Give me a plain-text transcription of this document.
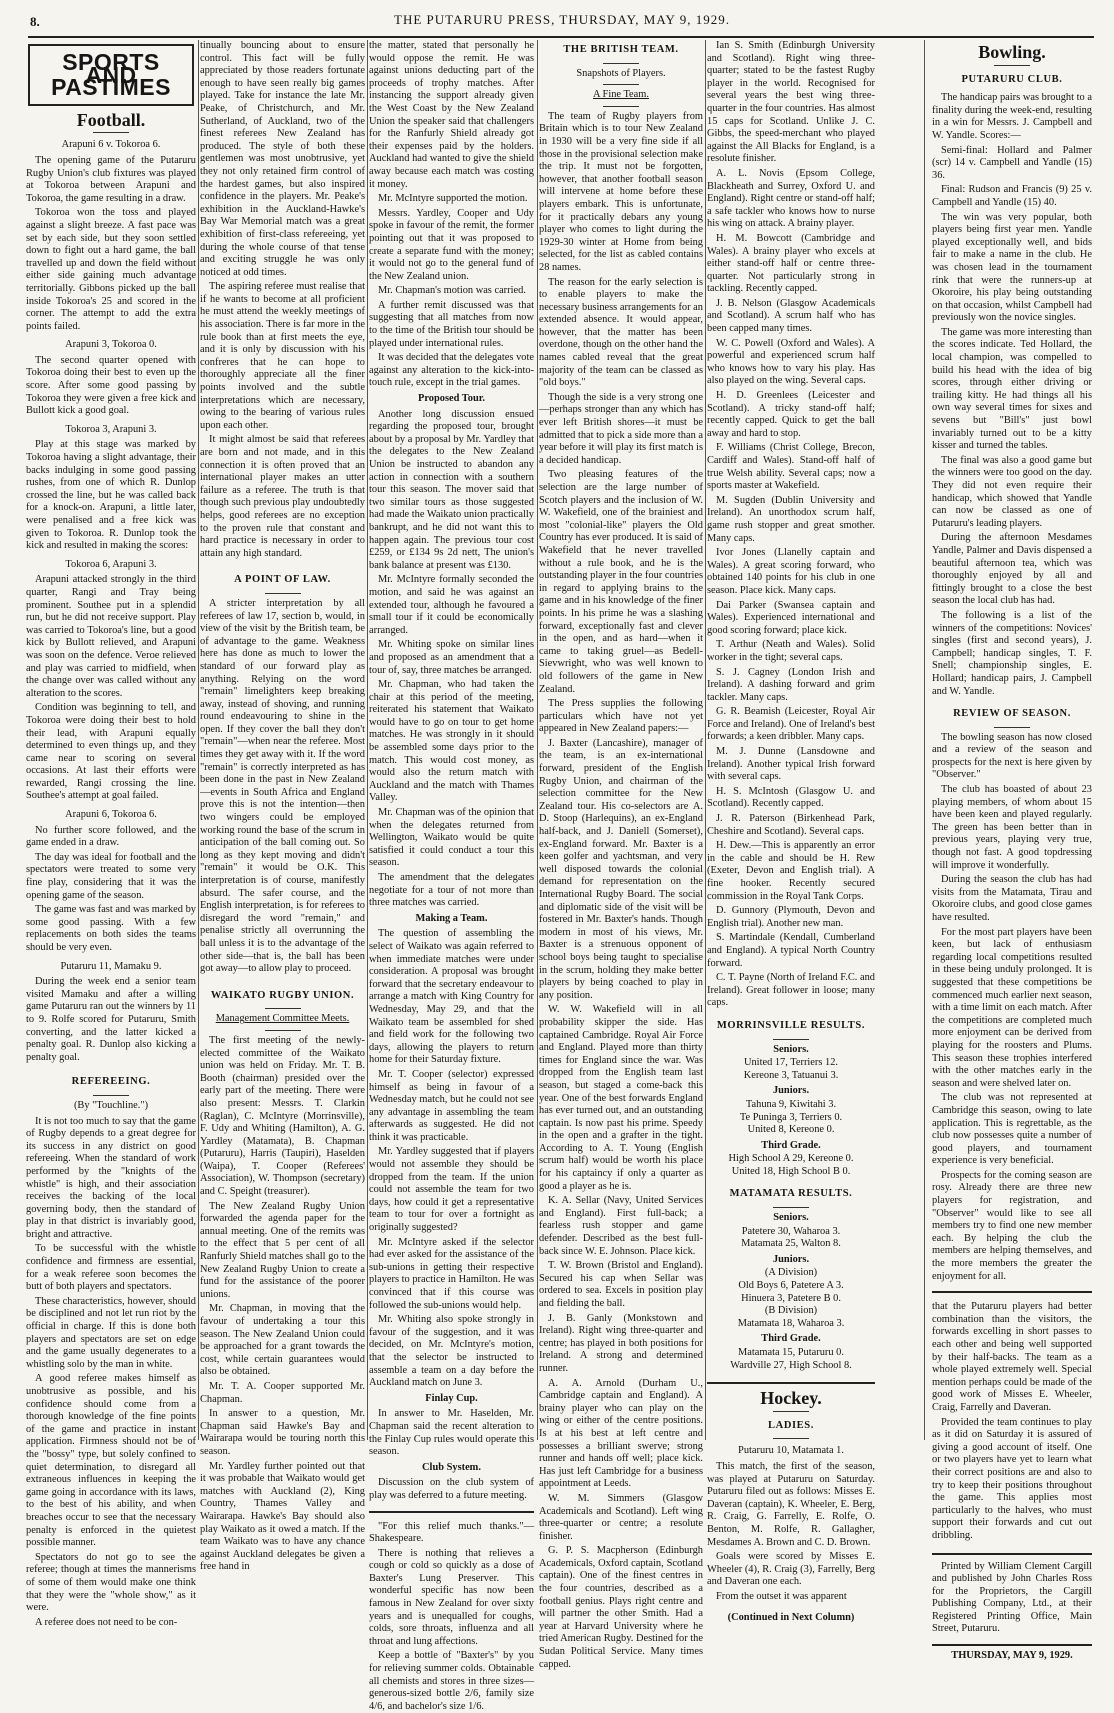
8.	THE PUTARURU PRESS, THURSDAY, MAY 9, 1929.
SPORTS AND PASTIMES
Football.
Arapuni 6 v. Tokoroa 6.

The opening game of the Putaruru Rugby Union's club fixtures was played at Tokoroa between Arapuni and Tokoroa, the game resulting in a draw.

Tokoroa won the toss and played against a slight breeze. A fast pace was set by each side, but they soon settled down to fight out a hard game, the ball travelled up and down the field without either side gaining much advantage territorially. Gibbons picked up the ball inside Tokoroa's 25 and scored in the corner. The attempt to add the extra points failed.

Arapuni 3, Tokoroa 0.

The second quarter opened with Tokoroa doing their best to even up the score. After some good passing by Tokoroa they were given a free kick and Bullott kick a good goal.

Tokoroa 3, Arapuni 3.

Play at this stage was marked by Tokoroa having a slight advantage, their backs indulging in some good passing rushes, from one of which R. Dunlop crossed the line, but he was called back for a knock-on. Arapuni, a little later, were penalised and a free kick was given to Tokoroa. R. Dunlop took the kick and resulted in making the scores:

Tokoroa 6, Arapuni 3.

Arapuni attacked strongly in the third quarter, Rangi and Tray being prominent. Southee put in a splendid run, but he did not receive support. Play was carried to Tokoroa's line, but a good kick by Bullott relieved, and Arapuni was soon on the defence. Veroe relieved and play was carried to midfield, when the change over was called without any alteration to the scores.

Condition was beginning to tell, and Tokoroa were doing their best to hold their lead, with Arapuni equally determined to even things up, and they came near to scoring on several occasions. At last their efforts were rewarded, Rangi crossing the line. Southee's attempt at goal failed.

Arapuni 6, Tokoroa 6.

No further score followed, and the game ended in a draw.

The day was ideal for football and the spectators were treated to some very fine play, considering that it was the opening game of the season.

The game was fast and was marked by some good passing. With a few replacements on both sides the teams should be very even.

Putaruru 11, Mamaku 9.

During the week end a senior team visited Mamaku and after a willing game Putaruru ran out the winners by 11 to 9. Rolfe scored for Putaruru, Smith converting, and the latter kicked a penalty goal. R. Dunlop also kicking a penalty goal.

REFEREEING.
(By "Touchline.")

It is not too much to say that the game of Rugby depends to a great degree for its success in any district on good refereeing. When the standard of work performed by the "knights of the whistle" is high, and their association receives the backing of the local governing body, then the standard of play in that district is invariably good, bright and attractive.

To be successful with the whistle confidence and firmness are essential, for a weak referee soon becomes the butt of both players and spectators.

These characteristics, however, should be disciplined and not let run riot by the official in charge. If this is done both players and spectators are set on edge and the game usually degenerates to a whistling solo by the man in white.

A good referee makes himself as unobtrusive as possible, and his confidence should come from a thorough knowledge of the fine points of the game and practice in instant application. Firmness should not be of the "bossy" type, but solely confined to quiet determination, to disregard all extraneous influences in keeping the game going in accordance with its laws, to the best of his ability, and when breaches occur to see that the necessary penalty is enforced in the quietest possible manner.

Spectators do not go to see the referee; though at times the mannerisms of some of them would make one think that they were the "whole show," as it were.

A referee does not need to be con-

tinually bouncing about to ensure control. This fact will be fully appreciated by those readers fortunate enough to have seen really big games played. Take for instance the late Mr. Peake, of Christchurch, and Mr. Sutherland, of Auckland, two of the finest referees New Zealand has produced. The style of both these gentlemen was most unobtrusive, yet they not only retained firm control of the hardest games, but also inspired confidence in the players. Mr. Peake's exhibition in the Auckland-Hawke's Bay War Memorial match was a great exhibition of first-class refereeing, yet during the whole course of that tense and exciting struggle he was only noticed at odd times.

The aspiring referee must realise that if he wants to become at all proficient he must attend the weekly meetings of his association. There is far more in the rule book than at first meets the eye, and it is only by discussion with his confreres that he can hope to thoroughly appreciate all the finer points involved and the subtle interpretations which are necessary, owing to the bearing of various rules upon each other.

It might almost be said that referees are born and not made, and in this connection it is often proved that an international player makes an utter failure as a referee. The truth is that though such previous play undoubtedly helps, good referees are no exception to the proven rule that constant and hard practice is necessary in order to attain any high standard.

A POINT OF LAW.

A stricter interpretation by all referees of law 17, section b, would, in view of the visit by the British team, be of advantage to the game. Weakness here has done as much to lower the standard of our forward play as anything. Relying on the word "remain" limelighters keep breaking away, instead of shoving, and running round endeavouring to shine in the open. If they cover the ball they don't "remain"—when near the referee. Most times they get away with it. If the word "remain" is correctly interpreted as has been done in the past in New Zealand—events in South Africa and England prove this is not the intention—then two wingers could be employed working round the base of the scrum in anticipation of the ball coming out. So long as they kept moving and didn't "remain" it would be O.K. This interpretation is of course, manifestly absurd. The safer course, and the English interpretation, is for referees to disregard the word "remain," and penalise strictly all overrunning the ball unless it is to the advantage of the other side—that is, the ball has been got away—to allow play to proceed.

WAIKATO RUGBY UNION.
Management Committee Meets.

The first meeting of the newly-elected committee of the Waikato union was held on Friday. Mr. T. B. Booth (chairman) presided over the early part of the meeting. There were also present: Messrs. T. Clarkin (Raglan), C. McIntyre (Morrinsville), F. Udy and Whiting (Hamilton), A. G. Yardley (Matamata), B. Chapman (Putaruru), Harris (Taupiri), Haselden (Waipa), T. Cooper (Referees' Association), W. Thompson (secretary) and C. Speight (treasurer).

The New Zealand Rugby Union forwarded the agenda paper for the annual meeting. One of the remits was to the effect that 5 per cent of all Ranfurly Shield matches shall go to the New Zealand Rugby Union to create a fund for the assistance of the poorer unions.

Mr. Chapman, in moving that the favour of undertaking a tour this season. The New Zealand Union could be approached for a grant towards the cost, while certain guarantees would also be obtained.

Mr. T. A. Cooper supported Mr. Chapman.

In answer to a question, Mr. Chapman said Hawke's Bay and Wairarapa would be touring north this season.

Mr. Yardley further pointed out that it was probable that Waikato would get matches with Auckland (2), King Country, Thames Valley and Wairarapa. Hawke's Bay should also play Waikato as it owed a match. If the team Waikato was to have any chance against Auckland delegates be given a free hand in

the matter, stated that personally he would oppose the remit. He was against unions deducting part of the proceeds of trophy matches. After instancing the support already given the West Coast by the New Zealand Union the speaker said that challengers for the Ranfurly Shield already got their expenses paid by the holders. Auckland had wanted to give the shield away because each match was costing it money.

Mr. McIntyre supported the motion.

Messrs. Yardley, Cooper and Udy spoke in favour of the remit, the former pointing out that it was proposed to create a separate fund with the money; it would not go to the general fund of the New Zealand union.

Mr. Chapman's motion was carried.

A further remit discussed was that suggesting that all matches from now to the time of the British tour should be played under international rules.

It was decided that the delegates vote against any alteration to the kick-into-touch rule, except in the trial games.

Proposed Tour.

Another long discussion ensued regarding the proposed tour, brought about by a proposal by Mr. Yardley that the delegates to the New Zealand Union be instructed to abandon any action in connection with a southern tour this season. The mover said that two similar tours as those suggested had made the Waikato union practically bankrupt, and he did not want this to happen again. The previous tour cost £259, or £134 9s 2d nett, The union's bank balance at present was £130.

Mr. McIntyre formally seconded the motion, and said he was against an extended tour, although he favoured a small tour if it could be economically arranged.

Mr. Whiting spoke on similar lines and proposed as an amendment that a tour of, say, three matches be arranged.

Mr. Chapman, who had taken the chair at this period of the meeting, reiterated his statement that Waikato would have to go on tour to get home matches. He was strongly in it should be assembled some days prior to the match. This would cost money, as would also the return match with Auckland and the match with Thames Valley.

Mr. Chapman was of the opinion that when the delegates returned from Wellington, Waikato would be quite satisfied it could conduct a tour this season.

The amendment that the delegates negotiate for a tour of not more than three matches was carried.

Making a Team.

The question of assembling the select of Waikato was again referred to when immediate matches were under consideration. A proposal was brought forward that the secretary endeavour to arrange a match with King Country for Wednesday, May 29, and that the Waikato team be assembled for shed and field work for the following two days, allowing the players to return home for their Saturday fixture.

Mr. T. Cooper (selector) expressed himself as being in favour of a Wednesday match, but he could not see any advantage in assembling the team afterwards as suggested. He did not think it was practicable.

Mr. Yardley suggested that if players would not assemble they should be dropped from the team. If the union could not assemble the team for two days, how could it get a representative team to tour for over a fortnight as originally suggested?

Mr. McIntyre asked if the selector had ever asked for the assistance of the sub-unions in getting their respective players to practice in Hamilton. He was convinced that if this course was followed the sub-unions would help.

Mr. Whiting also spoke strongly in favour of the suggestion, and it was decided, on Mr. McIntyre's motion, that the selector be instructed to assemble a team on a day before the Auckland match on June 3.

Finlay Cup.

In answer to Mr. Haselden, Mr. Chapman said the recent alteration to the Finlay Cup rules would operate this season.

Club System.

Discussion on the club system of play was deferred to a future meeting.

"For this relief much thanks."—Shakespeare.

There is nothing that relieves a cough or cold so quickly as a dose of Baxter's Lung Preserver. This wonderful specific has now been famous in New Zealand for over sixty years and is unequalled for coughs, colds, sore throats, influenza and all throat and lung affections.

Keep a bottle of "Baxter's" by you for relieving summer colds. Obtainable all chemists and stores in three sizes—generous-sized bottle 2/6, family size 4/6, and bachelor's size 1/6.

THE BRITISH TEAM.
Snapshots of Players.
A Fine Team.

The team of Rugby players from Britain which is to tour New Zealand in 1930 will be a very fine side if all those in the provisional selection make the trip. It must not be forgotten, however, that another football season will intervene at home before these players embark. This is unfortunate, for it practically debars any young player who comes to light during the 1929-30 winter at Home from being selected, for the list as cabled contains 28 names.

The reason for the early selection is to enable players to make the necessary business arrangements for an extended absence. It would appear, however, that the matter has been overdone, though on the other hand the names cabled reveal that the great majority of the team can be classed as "old boys."

Though the side is a very strong one—perhaps stronger than any which has ever left British shores—it must be admitted that to pick a side more than a year before it will play its first match is a decided handicap.

Two pleasing features of the selection are the large number of Scotch players and the inclusion of W. W. Wakefield, one of the brainiest and most "colonial-like" players the Old Country has ever produced. It is said of Wakefield that he never travelled without a rule book, and he is the outstanding player in the four countries in regard to applying brains to the game and in his knowledge of the finer points. In his prime he was a slashing forward, exceptionally fast and clever in the open, and as hard—when it came to taking gruel—as Bedell-Sievwright, who was well known to old followers of the game in New Zealand.

The Press supplies the following particulars which have not yet appeared in New Zealand papers:—

J. Baxter (Lancashire), manager of the team, is an ex-international forward, president of the English Rugby Union, and chairman of the selection committee for the New Zealand tour. His co-selectors are A. D. Stoop (Harlequins), an ex-England half-back, and J. Daniell (Somerset), ex-England forward. Mr. Baxter is a keen golfer and yachtsman, and very well disposed towards the colonial demand for representation on the International Rugby Board. The social and diplomatic side of the visit will be fostered in Mr. Baxter's hands. Though modern in most of his views, Mr. Baxter is a strenuous opponent of school boys being taught to specialise in the scrum, holding they make better players by being coached to play in any position.

W. W. Wakefield will in all probability skipper the side. Has captained Cambridge. Royal Air Force and England. Played more than thirty times for England since the war. Was dropped from the English team last season, but staged a come-back this year. One of the best forwards England has ever turned out, and an outstanding captain. Is now past his prime. Speedy in the open and a grafter in the tight. According to A. T. Young (English scrum half) would be worth his place for his captaincy if only a quarter as good a player as he is.

K. A. Sellar (Navy, United Services and England). First full-back; a fearless rush stopper and game defender. Described as the best full-back since W. E. Johnson. Place kick.

T. W. Brown (Bristol and England). Secured his cap when Sellar was ordered to sea. Excels in position play and fielding the ball.

J. B. Ganly (Monkstown and Ireland). Right wing three-quarter and centre; has played in both positions for Ireland. A strong and determined runner.

A. A. Arnold (Durham U., Cambridge captain and England). A brainy player who can play on the wing or either of the centre positions. Is at his best at left centre and possesses a brilliant swerve; strong runner and hands off well; place kick. Has just left Cambridge for a business appointment at Leeds.

W. M. Simmers (Glasgow Academicals and Scotland). Left wing three-quarter or centre; a resolute finisher.

G. P. S. Macpherson (Edinburgh Academicals, Oxford captain, Scotland captain). One of the finest centres in the four countries, described as a football genius. Plays right centre and will partner the other Smith. Had a year at Harvard University where he tried American Rugby. Destined for the Sudan Political Service. Many times capped.

Ian S. Smith (Edinburgh University and Scotland). Right wing three-quarter; stated to be the fastest Rugby player in the world. Recognised for several years the best wing three-quarter in the four countries. Has almost 15 caps for Scotland. Unlike J. C. Gibbs, the speed-merchant who played against the All Blacks for England, is a resolute finisher.

A. L. Novis (Epsom College, Blackheath and Surrey, Oxford U. and England). Right centre or stand-off half; a safe tackler who knows how to nurse his wing on attack. A brainy player.

H. M. Bowcott (Cambridge and Wales). A brainy player who excels at either stand-off half or centre three-quarter. Not particularly strong in tackling. Recently capped.

J. B. Nelson (Glasgow Academicals and Scotland). A scrum half who has been capped many times.

W. C. Powell (Oxford and Wales). A powerful and experienced scrum half who knows how to vary his play. Has also played on the wing. Several caps.

H. D. Greenlees (Leicester and Scotland). A tricky stand-off half; recently capped. Quick to get the ball away and hard to stop.

F. Williams (Christ College, Brecon, Cardiff and Wales). Stand-off half of true Welsh ability. Several caps; now a sports master at Wakefield.

M. Sugden (Dublin University and Ireland). An unorthodox scrum half, game rush stopper and great smother. Many caps.

Ivor Jones (Llanelly captain and Wales). A great scoring forward, who obtained 140 points for his club in one season. Place kick. Many caps.

Dai Parker (Swansea captain and Wales). Experienced international and good scoring forward; place kick.

T. Arthur (Neath and Wales). Solid worker in the tight; several caps.

S. J. Cagney (London Irish and Ireland). A dashing forward and grim tackler. Many caps.

G. R. Beamish (Leicester, Royal Air Force and Ireland). One of Ireland's best forwards; a keen dribbler. Many caps.

M. J. Dunne (Lansdowne and Ireland). Another typical Irish forward with several caps.

H. S. McIntosh (Glasgow U. and Scotland). Recently capped.

J. R. Paterson (Birkenhead Park, Cheshire and Scotland). Several caps.

H. Dew.—This is apparently an error in the cable and should be H. Rew (Exeter, Devon and English trial). A fine hooker. Recently secured commission in the Royal Tank Corps.

D. Gunnory (Plymouth, Devon and English trial). Another new man.

S. Martindale (Kendall, Cumberland and England). A typical North Country forward.

C. T. Payne (North of Ireland F.C. and Ireland). Great follower in loose; many caps.

MORRINSVILLE RESULTS.
Seniors.
United 17, Terriers 12.
Kereone 3, Tatuanui 3.
Juniors.
Tahuna 9, Kiwitahi 3.
Te Puninga 3, Terriers 0.
United 8, Kereone 0.
Third Grade.
High School A 29, Kereone 0.
United 18, High School B 0.
MATAMATA RESULTS.
Seniors.
Patetere 30, Waharoa 3.
Matamata 25, Walton 8.
Juniors.
(A Division)
Old Boys 6, Patetere A 3.
Hinuera 3, Patetere B 0.
(B Division)
Matamata 18, Waharoa 3.
Third Grade.
Matamata 15, Putaruru 0.
Wardville 27, High School 8.
Hockey.
LADIES.
Putaruru 10, Matamata 1.

This match, the first of the season, was played at Putaruru on Saturday. Putaruru filed out as follows: Misses E. Daveran (captain), K. Wheeler, E. Berg, R. Craig, G. Farrelly, E. Rolfe, O. Benton, M. Rolfe, R. Gallagher, Mesdames A. Brown and C. D. Brown.

Goals were scored by Misses E. Wheeler (4), R. Craig (3), Farrelly, Berg and Daveran one each.

From the outset it was apparent

(Continued in Next Column)
Bowling.
PUTARURU CLUB.

The handicap pairs was brought to a finality during the week-end, resulting in a win for Messrs. J. Campbell and W. Yandle. Scores:—

Semi-final: Hollard and Palmer (scr) 14 v. Campbell and Yandle (15) 36.

Final: Rudson and Francis (9) 25 v. Campbell and Yandle (15) 40.

The win was very popular, both players being first year men. Yandle played exceptionally well, and bids fair to make a name in the club. He was chosen lead in the tournament rink that were the runners-up at Okoroire, his play being outstanding on that occasion, whilst Campbell had previously won the novice singles.

The game was more interesting than the scores indicate. Ted Hollard, the local champion, was compelled to build his head with the idea of big scores, through either driving or trailing kitty. He had things all his own way several times for sixes and sevens but "Bill's" just bowl invariably turned out to be a kitty kisser and turned the tables.

The final was also a good game but the winners were too good on the day. They did not even require their handicap, which showed that Yandle can now be classed as one of Putaruru's leading players.

During the afternoon Mesdames Yandle, Palmer and Davis dispensed a beautiful afternoon tea, which was thoroughly enjoyed by all and fittingly brought to a close the best season the local club has had.

The following is a list of the winners of the competitions: Novices' singles (first and second years), J. Campbell; handicap singles, T. F. Snell; championship singles, E. Hollard; handicap pairs, J. Campbell and W. Yandle.

REVIEW OF SEASON.

The bowling season has now closed and a review of the season and prospects for the next is here given by "Observer."

The club has boasted of about 23 playing members, of whom about 15 have been keen and played regularly. The green has been better than in previous years, playing very true, though not fast. A good topdressing will improve it wonderfully.

During the season the club has had visits from the Matamata, Tirau and Okoroire clubs, and good close games have resulted.

For the most part players have been keen, but lack of enthusiasm regarding local competitions resulted in these being unduly prolonged. It is suggested that these competitions be commenced much earlier next season, with a time limit on each match. After the competitions are completed much more enjoyment can be derived from playing for the roosters and Plums. This season these trophies interfered with the other matches early in the season and were shelved later on.

The club was not represented at Cambridge this season, owing to late application. This is regrettable, as the club now possesses quite a number of good players, and tournament experience is very beneficial.

Prospects for the coming season are rosy. Already there are three new players for registration, and "Observer" would like to see all members try to find one new member each. By helping the club the members are helping themselves, and the more members the greater the enjoyment for all.

that the Putaruru players had better combination than the visitors, the forwards excelling in short passes to each other and being well supported by their half-backs. The team as a whole played extremely well. Special mention perhaps could be made of the good work of Misses E. Wheeler, Craig, Farrelly and Daveran.

Provided the team continues to play as it did on Saturday it is assured of giving a good account of itself. One or two players have yet to learn what their correct positions are and also to try to keep their positions throughout the game. This applies most particularly to the halves, who must support their forwards and cut out dribbling.

Printed by William Clement Cargill and published by John Charles Ross for the Proprietors, the Cargill Publishing Company, Ltd., at their Registered Printing Office, Main Street, Putaruru.

THURSDAY, MAY 9, 1929.
